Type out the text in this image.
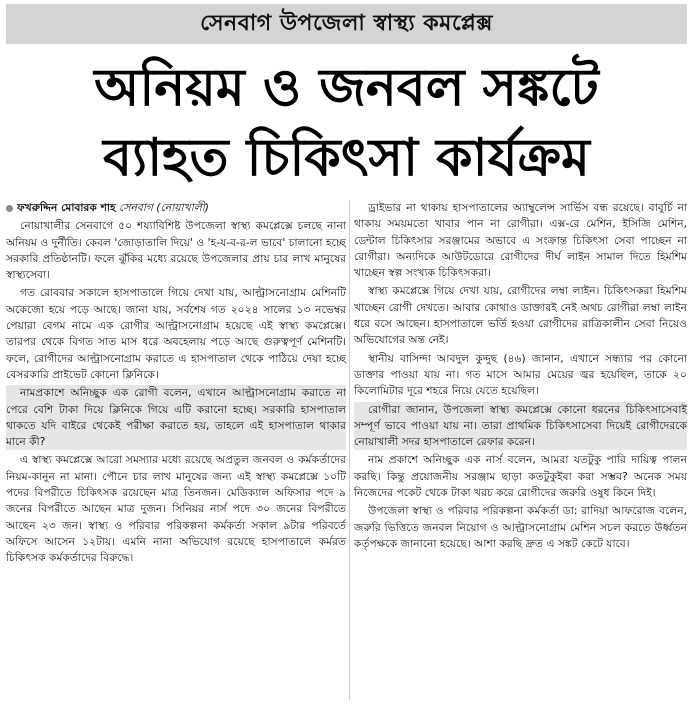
সেনবাগ উপজেলা স্বাস্থ্য কমপ্লেক্স
অনিয়ম ও জনবল সঙ্কটে
ব্যাহত চিকিৎসা কার্যক্রম

ফখরুদ্দিন মোবারক শাহ সেনবাগ (নোয়াখালী)

নোয়াখালীর সেনবাগে ৫০ শয্যাবিশিষ্ট উপজেলা স্বাস্থ্য কমপ্লেক্সে চলছে নানা অনিয়ম ও দুর্নীতি। কেবল 'জোড়াতালি দিয়ে' ও 'হ-য-ব-র-ল ভাবে' চালানো হচ্ছে সরকারি প্রতিষ্ঠানটি। ফলে ঝুঁকির মধ্যে রয়েছে উপজেলার প্রায় চার লাখ মানুষের স্বাস্থ্যসেবা।

গত রোববার সকালে হাসপাতালে গিয়ে দেখা যায়, আল্ট্রাসনোগ্রাম মেশিনটি অকেজো হয়ে পড়ে আছে। জানা যায়, সর্বশেষ গত ২০২৪ সালের ১৩ নভেম্বর পেয়ারা বেগম নামে এক রোগীর আল্ট্রাসনোগ্রাম হয়েছে এই স্বাস্থ্য কমপ্লেক্সে। তারপর থেকে বিগত সাত মাস ধরে অবহেলায় পড়ে আছে গুরুত্বপূর্ণ মেশিনটি। ফলে, রোগীদের আল্ট্রাসনোগ্রাম করাতে এ হাসপাতাল থেকে পাঠিয়ে দেয়া হচ্ছে বেসরকারি প্রাইভেট কোনো ক্লিনিকে।

নামপ্রকাশে অনিচ্ছুক এক রোগী বলেন, এখানে আল্ট্রাসনোগ্রাম করাতে না পেরে বেশি টাকা দিয়ে ক্লিনিকে গিয়ে এটি করানো হচ্ছে। সরকারি হাসপাতাল থাকতে যদি বাইরে থেকেই পরীক্ষা করাতে হয়, তাহলে এই হাসপাতাল থাকার মানে কী?

এ স্বাস্থ্য কমপ্লেক্সে আরো সমস্যার মধ্যে রয়েছে অপ্রতুল জনবল ও কর্মকর্তাদের নিয়ম-কানুন না মানা। পৌনে চার লাখ মানুষের জন্য এই স্বাস্থ্য কমপ্লেক্সে ১০টি পদের বিপরীতে চিকিৎসক রয়েছেন মাত্র তিনজন। মেডিক্যাল অফিসার পদে ৯ জনের বিপরীতে আছেন মাত্র দুজন। সিনিয়র নার্স পদে ৩০ জনের বিপরীতে আছেন ২৩ জন। স্বাস্থ্য ও পরিবার পরিকল্পনা কর্মকর্তা সকাল ৯টার পরিবর্তে অফিসে আসেন ১২টায়। এমনি নানা অভিযোগ রয়েছে হাসপাতালে কর্মরত চিকিৎসক কর্মকর্তাদের বিরুদ্ধে।

ড্রাইভার না থাকায় হাসপাতালের অ্যাম্বুলেন্স সার্ভিস বন্ধ রয়েছে। বাবুর্চি না থাকায় সময়মতো খাবার পান না রোগীরা। এক্স-রে মেশিন, ইসিজি মেশিন, ডেন্টাল চিকিৎসার সরঞ্জামের অভাবে এ সংক্রান্ত চিকিৎসা সেবা পাচ্ছেন না রোগীরা। অন্যদিকে আউটডোরে রোগীদের দীর্ঘ লাইন সামাল দিতে হিমশিম খাচ্ছেন স্বল্প সংখ্যক চিকিৎসকরা।

স্বাস্থ্য কমপ্লেক্সে গিয়ে দেখা যায়, রোগীদের লম্বা লাইন। চিকিৎসকরা হিমশিম খাচ্ছেন রোগী দেখতে। আবার কোথাও ডাক্তারই নেই অথচ রোগীরা লম্বা লাইন ধরে বসে আছেন। হাসপাতালে ভর্তি হওয়া রোগীদের রাত্রিকালীন সেবা নিয়েও অভিযোগের অন্ত নেই।

স্থানীয় বাসিন্দা আবদুল কুদ্দুছ (৪৬) জানান, এখানে সন্ধ্যার পর কোনো ডাক্তার পাওয়া যায় না। গত মাসে আমার মেয়ের জ্বর হয়েছিল, তাকে ২০ কিলোমিটার দূরে শহরে নিয়ে যেতে হয়েছিল।

রোগীরা জানান, উপজেলা স্বাস্থ্য কমপ্লেক্সে কোনো ধরনের চিকিৎসাসেবাই সম্পূর্ণ ভাবে পাওয়া যায় না। তারা প্রাথমিক চিকিৎসাসেবা দিয়েই রোগীদেরকে নোয়াখালী সদর হাসপাতালে রেফার করেন।

নাম প্রকাশে অনিচ্ছুক এক নার্স বলেন, আমরা যতটুকু পারি দায়িত্ব পালন করছি। কিন্তু প্রয়োজনীয় সরঞ্জাম ছাড়া কতটুকুইবা করা সম্ভব? অনেক সময় নিজেদের পকেট থেকে টাকা খরচ করে রোগীদের জরুরি ওষুধ কিনে দিই।

উপজেলা স্বাস্থ্য ও পরিবার পরিকল্পনা কর্মকর্তা ডা: রাদিয়া আফরোজ বলেন, জরুরি ভিত্তিতে জনবল নিয়োগ ও আল্ট্রাসনোগ্রাম মেশিন সচল করতে উর্ধ্বতন কর্তৃপক্ষকে জানানো হয়েছে। আশা করছি দ্রুত এ সঙ্কট কেটে যাবে।
